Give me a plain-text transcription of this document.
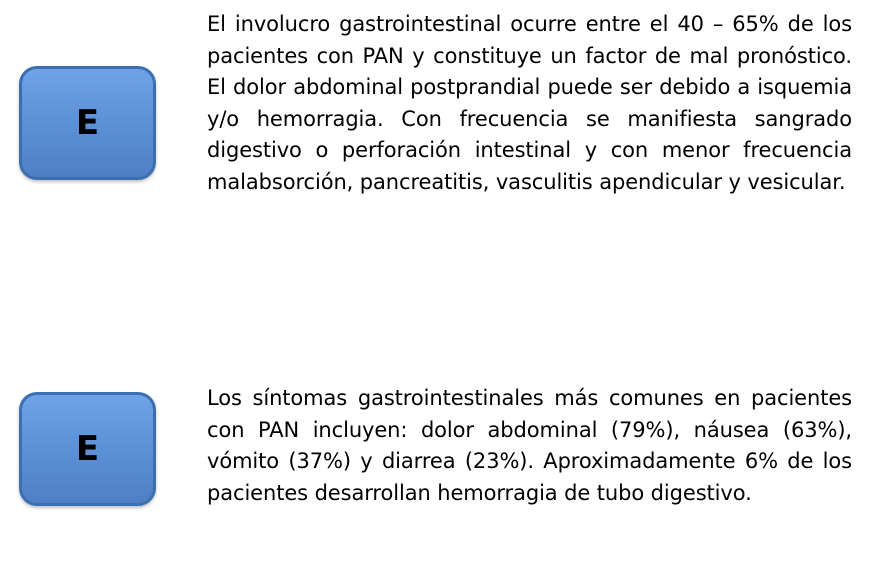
E

El involucro gastrointestinal ocurre entre el 40 – 65% de los pacientes con PAN y constituye un factor de mal pronóstico. El dolor abdominal postprandial puede ser debido a isquemia y/o hemorragia. Con frecuencia se manifiesta sangrado digestivo o perforación intestinal y con menor frecuencia malabsorción, pancreatitis, vasculitis apendicular y vesicular.

E

Los síntomas gastrointestinales más comunes en pacientes con PAN incluyen: dolor abdominal (79%), náusea (63%), vómito (37%) y diarrea (23%). Aproximadamente 6% de los pacientes desarrollan hemorragia de tubo digestivo.
